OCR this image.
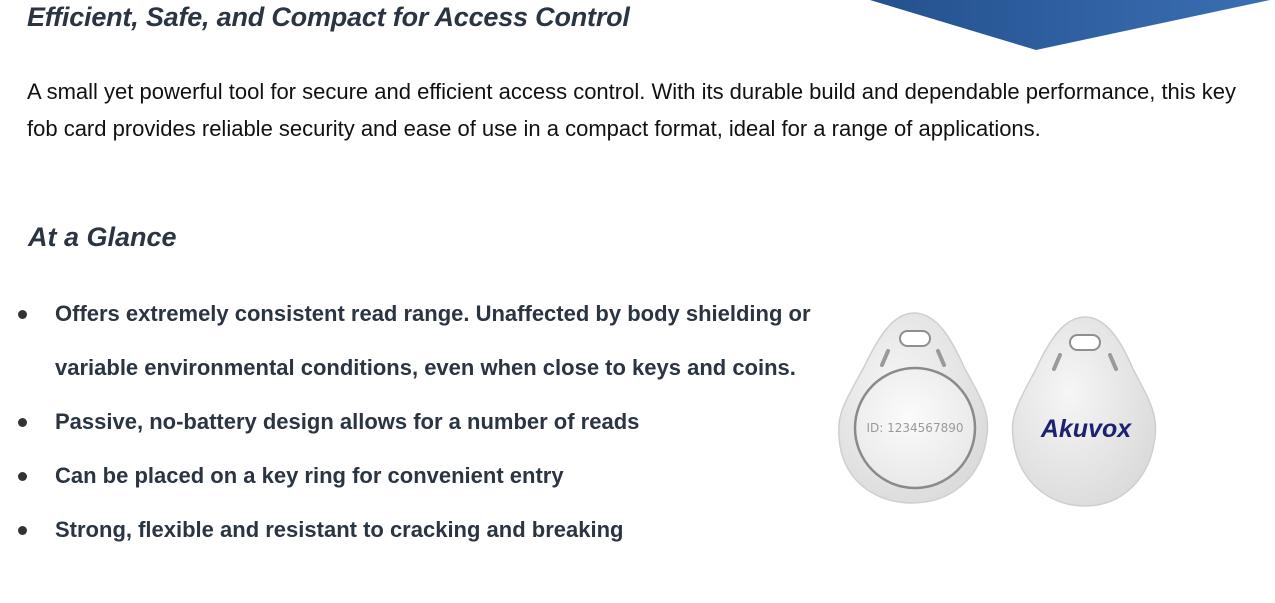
Efficient, Safe, and Compact for Access Control

A small yet powerful tool for secure and efficient access control. With its durable build and dependable performance, this key fob card provides reliable security and ease of use in a compact format, ideal for a range of applications.

At a Glance
Offers extremely consistent read range. Unaffected by body shielding or variable environmental conditions, even when close to keys and coins.
Passive, no-battery design allows for a number of reads
Can be placed on a key ring for convenient entry
Strong, flexible and resistant to cracking and breaking
ID: 1234567890	Akuvox
